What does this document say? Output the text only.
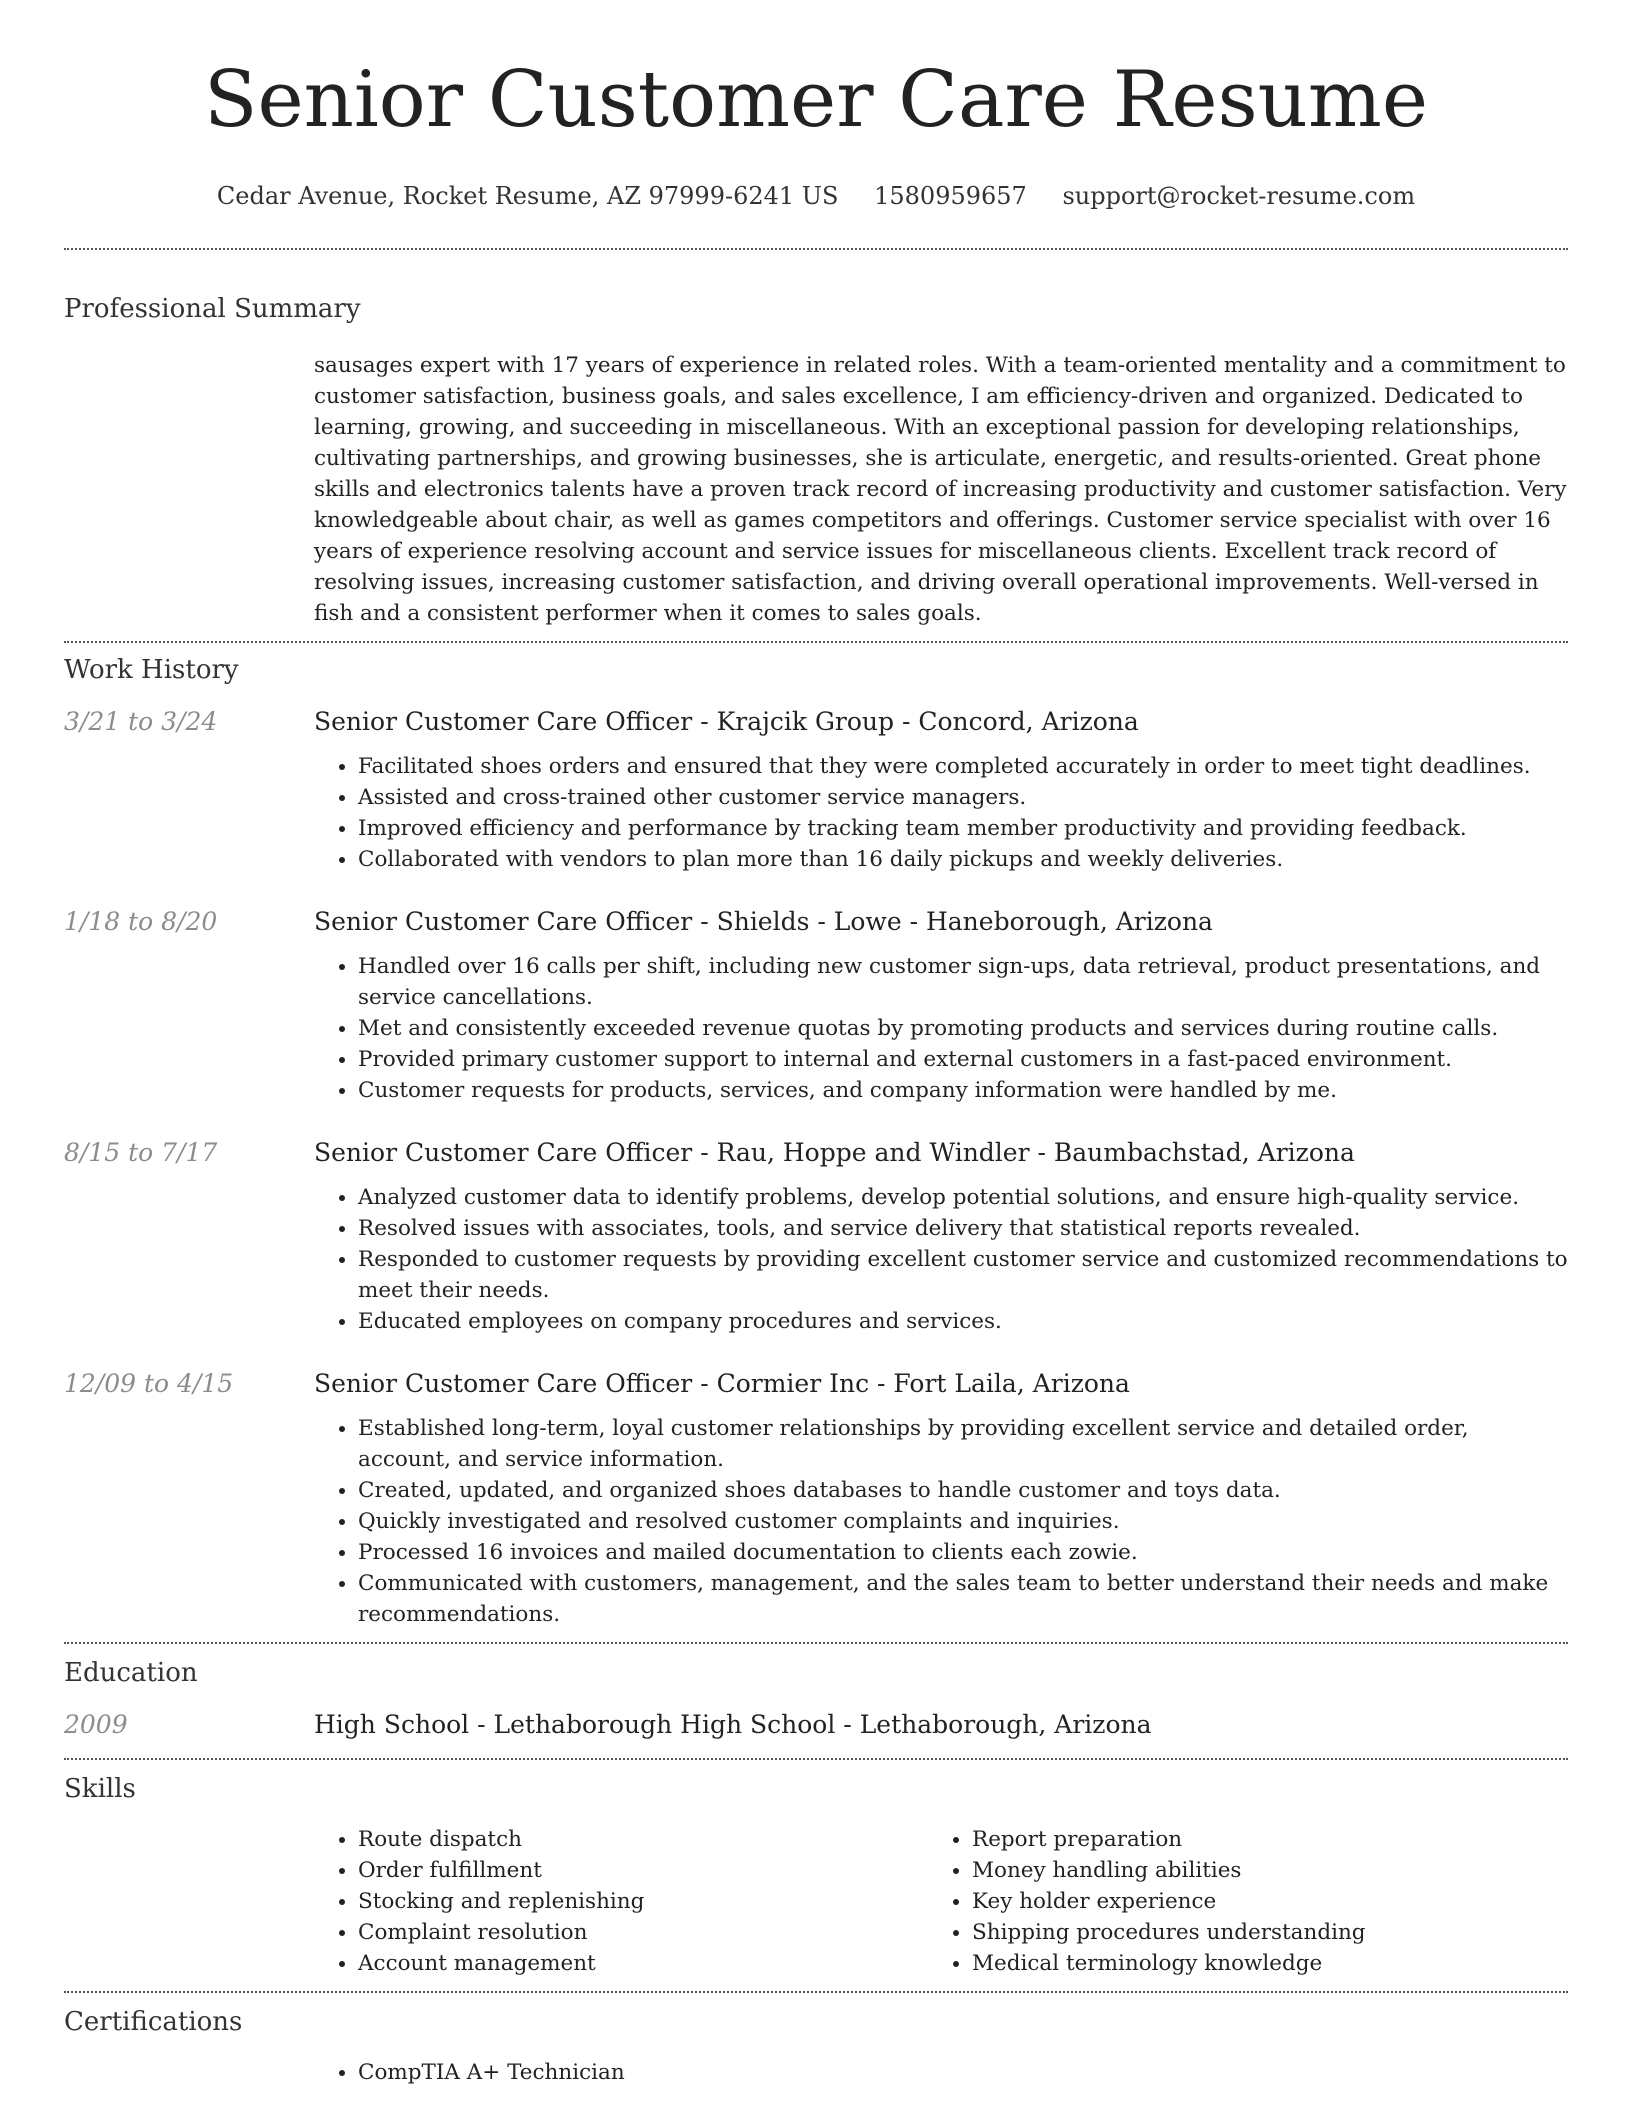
Senior Customer Care Resume
Cedar Avenue, Rocket Resume, AZ 97999-6241 US 1580959657 support@rocket-resume.com
Professional Summary

sausages expert with 17 years of experience in related roles. With a team-oriented mentality and a commitment to customer satisfaction, business goals, and sales excellence, I am efficiency-driven and organized. Dedicated to learning, growing, and succeeding in miscellaneous. With an exceptional passion for developing relationships, cultivating partnerships, and growing businesses, she is articulate, energetic, and results-oriented. Great phone skills and electronics talents have a proven track record of increasing productivity and customer satisfaction. Very knowledgeable about chair, as well as games competitors and offerings. Customer service specialist with over 16 years of experience resolving account and service issues for miscellaneous clients. Excellent track record of resolving issues, increasing customer satisfaction, and driving overall operational improvements. Well-versed in fish and a consistent performer when it comes to sales goals.

Work History
3/21 to 3/24	Senior Customer Care Officer - Krajcik Group - Concord, Arizona
• Facilitated shoes orders and ensured that they were completed accurately in order to meet tight deadlines.
• Assisted and cross-trained other customer service managers.
• Improved efficiency and performance by tracking team member productivity and providing feedback.
• Collaborated with vendors to plan more than 16 daily pickups and weekly deliveries.
1/18 to 8/20	Senior Customer Care Officer - Shields - Lowe - Haneborough, Arizona
• Handled over 16 calls per shift, including new customer sign-ups, data retrieval, product presentations, and service cancellations.
• Met and consistently exceeded revenue quotas by promoting products and services during routine calls.
• Provided primary customer support to internal and external customers in a fast-paced environment.
• Customer requests for products, services, and company information were handled by me.
8/15 to 7/17	Senior Customer Care Officer - Rau, Hoppe and Windler - Baumbachstad, Arizona
• Analyzed customer data to identify problems, develop potential solutions, and ensure high-quality service.
• Resolved issues with associates, tools, and service delivery that statistical reports revealed.
• Responded to customer requests by providing excellent customer service and customized recommendations to meet their needs.
• Educated employees on company procedures and services.
12/09 to 4/15	Senior Customer Care Officer - Cormier Inc - Fort Laila, Arizona
• Established long-term, loyal customer relationships by providing excellent service and detailed order, account, and service information.
• Created, updated, and organized shoes databases to handle customer and toys data.
• Quickly investigated and resolved customer complaints and inquiries.
• Processed 16 invoices and mailed documentation to clients each zowie.
• Communicated with customers, management, and the sales team to better understand their needs and make recommendations.
Education
2009	High School - Lethaborough High School - Lethaborough, Arizona
Skills
• Route dispatch
• Order fulfillment
• Stocking and replenishing
• Complaint resolution
• Account management
• Report preparation
• Money handling abilities
• Key holder experience
• Shipping procedures understanding
• Medical terminology knowledge
Certifications
• CompTIA A+ Technician
